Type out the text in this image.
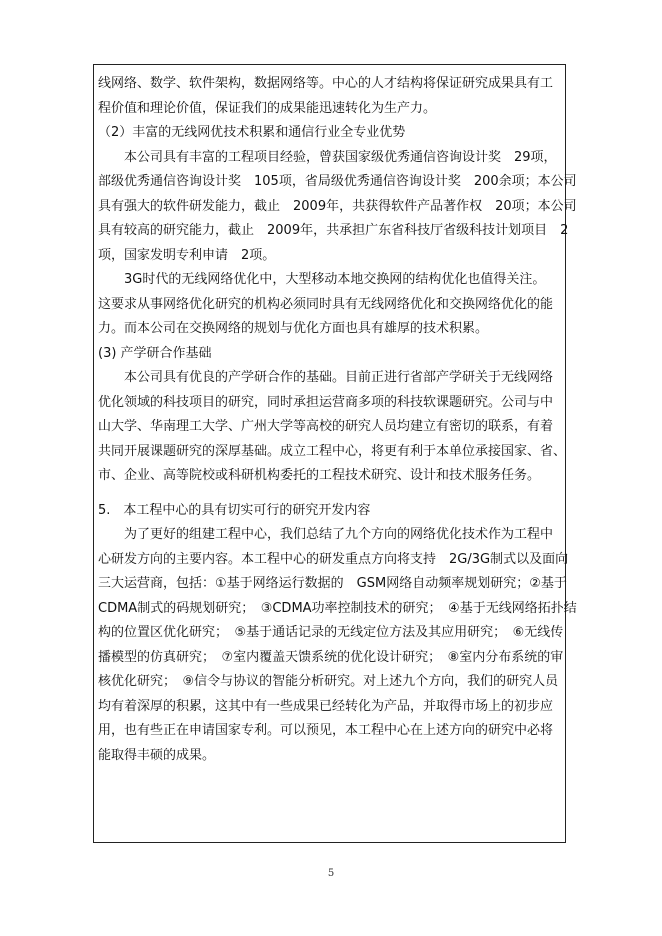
线网络、数学、软件架构，数据网络等。中心的人才结构将保证研究成果具有工
程价值和理论价值，保证我们的成果能迅速转化为生产力。
（2）丰富的无线网优技术积累和通信行业全专业优势
　　本公司具有丰富的工程项目经验，曾获国家级优秀通信咨询设计奖　29项，
部级优秀通信咨询设计奖　105项，省局级优秀通信咨询设计奖　200余项；本公司
具有强大的软件研发能力，截止　2009年，共获得软件产品著作权　20项；本公司
具有较高的研究能力，截止　2009年，共承担广东省科技厅省级科技计划项目　2
项，国家发明专利申请　2项。
　　3G时代的无线网络优化中，大型移动本地交换网的结构优化也值得关注。
这要求从事网络优化研究的机构必须同时具有无线网络优化和交换网络优化的能
力。而本公司在交换网络的规划与优化方面也具有雄厚的技术积累。
(3) 产学研合作基础
　　本公司具有优良的产学研合作的基础。目前正进行省部产学研关于无线网络
优化领域的科技项目的研究，同时承担运营商多项的科技软课题研究。公司与中
山大学、华南理工大学、广州大学等高校的研究人员均建立有密切的联系，有着
共同开展课题研究的深厚基础。成立工程中心，将更有利于本单位承接国家、省、
市、企业、高等院校或科研机构委托的工程技术研究、设计和技术服务任务。
5.　本工程中心的具有切实可行的研究开发内容
　　为了更好的组建工程中心，我们总结了九个方向的网络优化技术作为工程中
心研发方向的主要内容。本工程中心的研发重点方向将支持　2G/3G制式以及面向
三大运营商，包括：①基于网络运行数据的　GSM网络自动频率规划研究；②基于
CDMA制式的码规划研究；　③CDMA功率控制技术的研究；　④基于无线网络拓扑结
构的位置区优化研究；　⑤基于通话记录的无线定位方法及其应用研究；　⑥无线传
播模型的仿真研究；　⑦室内覆盖天馈系统的优化设计研究；　⑧室内分布系统的审
核优化研究；　⑨信令与协议的智能分析研究。对上述九个方向，我们的研究人员
均有着深厚的积累，这其中有一些成果已经转化为产品，并取得市场上的初步应
用，也有些正在申请国家专利。可以预见，本工程中心在上述方向的研究中必将
能取得丰硕的成果。
5
